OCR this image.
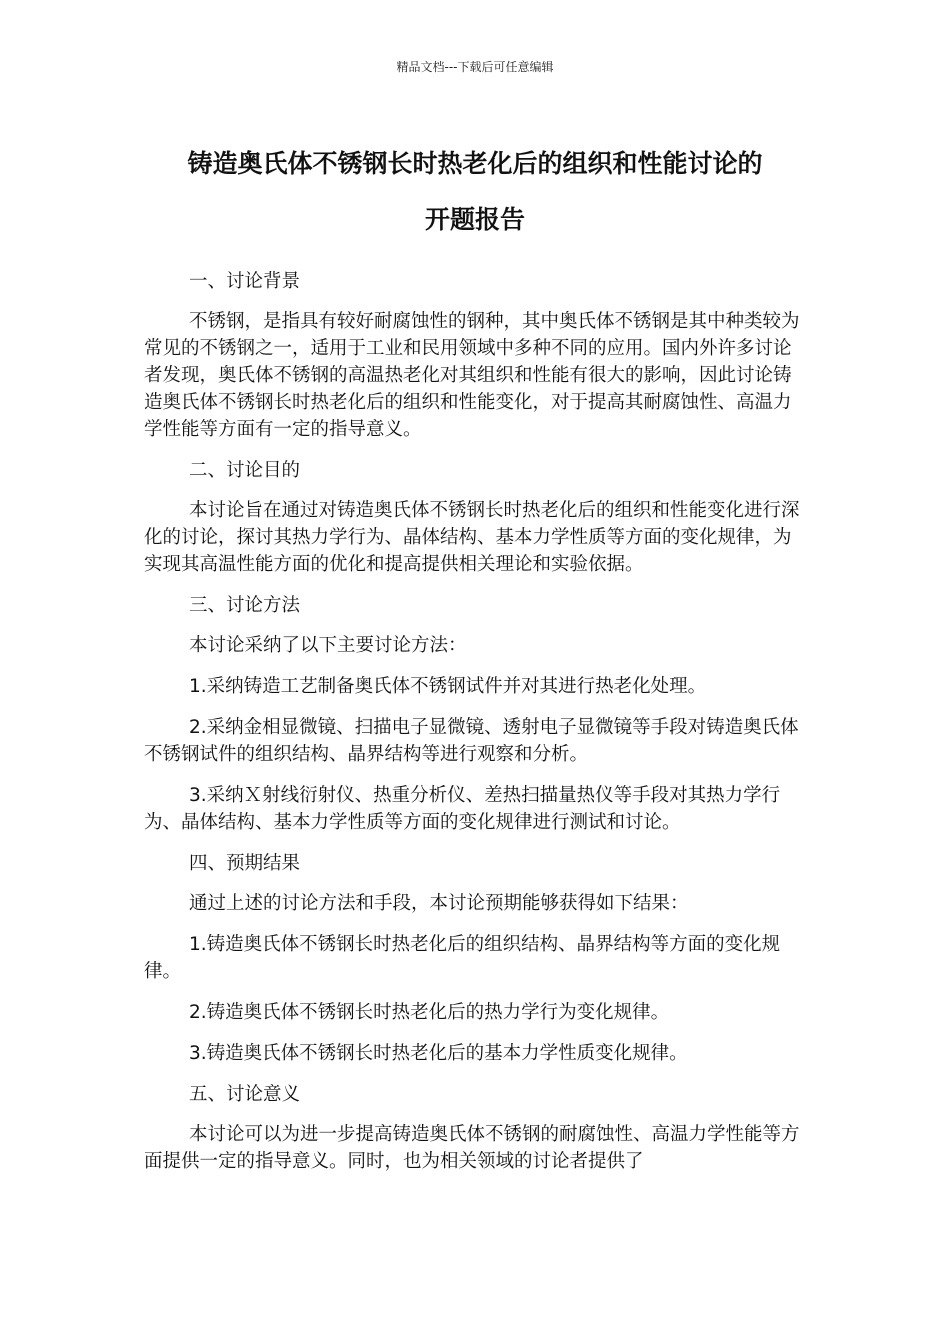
精品文档---下载后可任意编辑
铸造奥氏体不锈钢长时热老化后的组织和性能讨论的
开题报告

一、讨论背景

不锈钢，是指具有较好耐腐蚀性的钢种，其中奥氏体不锈钢是其中种类较为常见的不锈钢之一，适用于工业和民用领域中多种不同的应用。国内外许多讨论者发现，奥氏体不锈钢的高温热老化对其组织和性能有很大的影响，因此讨论铸造奥氏体不锈钢长时热老化后的组织和性能变化，对于提高其耐腐蚀性、高温力学性能等方面有一定的指导意义。

二、讨论目的

本讨论旨在通过对铸造奥氏体不锈钢长时热老化后的组织和性能变化进行深化的讨论，探讨其热力学行为、晶体结构、基本力学性质等方面的变化规律，为实现其高温性能方面的优化和提高提供相关理论和实验依据。

三、讨论方法

本讨论采纳了以下主要讨论方法：

1.采纳铸造工艺制备奥氏体不锈钢试件并对其进行热老化处理。

2.采纳金相显微镜、扫描电子显微镜、透射电子显微镜等手段对铸造奥氏体不锈钢试件的组织结构、晶界结构等进行观察和分析。

3.采纳Ｘ射线衍射仪、热重分析仪、差热扫描量热仪等手段对其热力学行为、晶体结构、基本力学性质等方面的变化规律进行测试和讨论。

四、预期结果

通过上述的讨论方法和手段，本讨论预期能够获得如下结果：

1.铸造奥氏体不锈钢长时热老化后的组织结构、晶界结构等方面的变化规律。

2.铸造奥氏体不锈钢长时热老化后的热力学行为变化规律。

3.铸造奥氏体不锈钢长时热老化后的基本力学性质变化规律。

五、讨论意义

本讨论可以为进一步提高铸造奥氏体不锈钢的耐腐蚀性、高温力学性能等方面提供一定的指导意义。同时，也为相关领域的讨论者提供了
